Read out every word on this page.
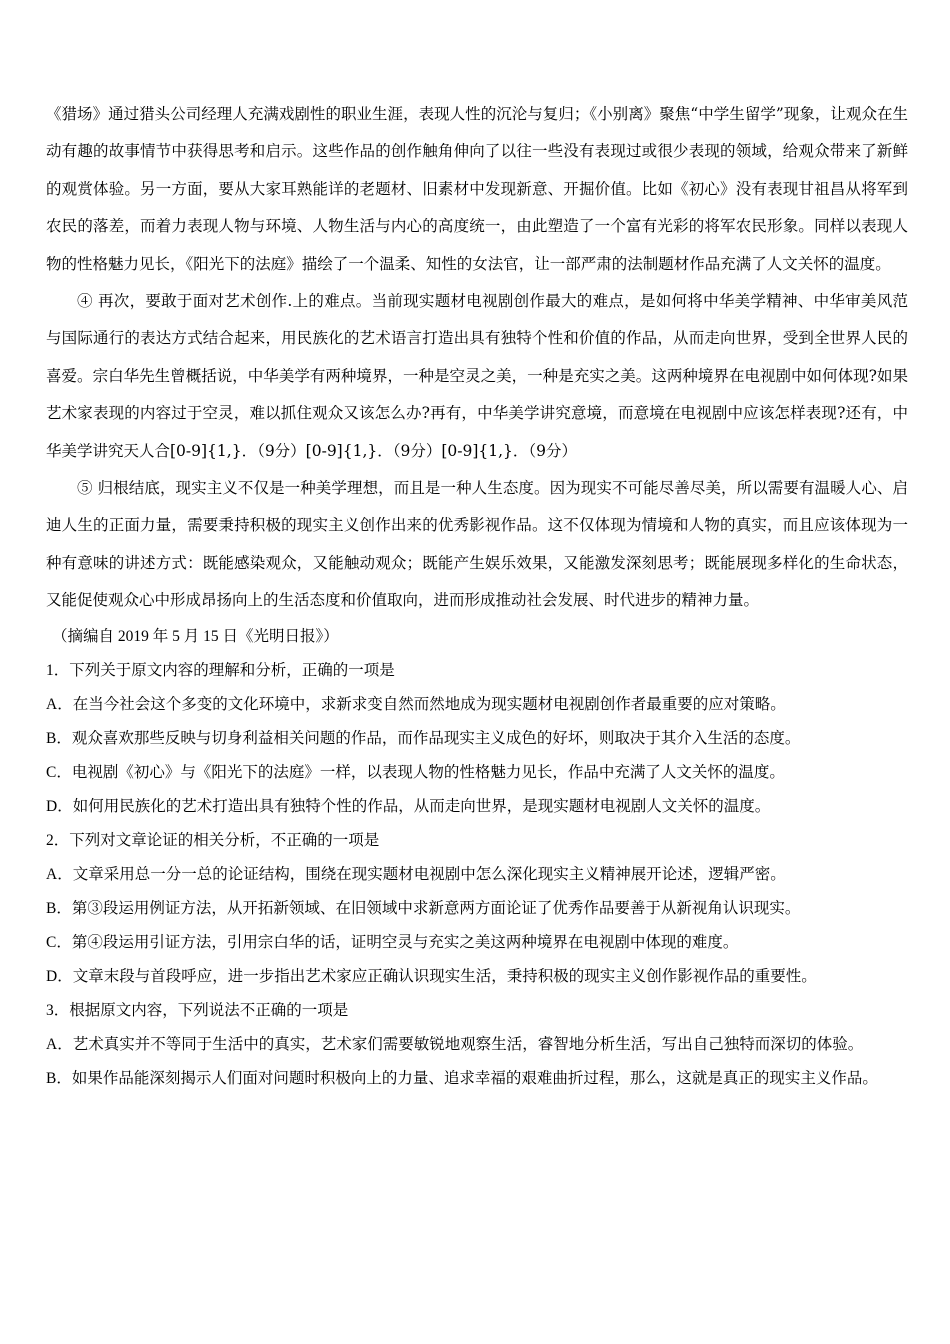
《猎场》通过猎头公司经理人充满戏剧性的职业生涯，表现人性的沉沦与复归；《小别离》聚焦“中学生留学”现象，让观众在生动有趣的故事情节中获得思考和启示。这些作品的创作触角伸向了以往一些没有表现过或很少表现的领域，给观众带来了新鲜的观赏体验。另一方面，要从大家耳熟能详的老题材、旧素材中发现新意、开掘价值。比如《初心》没有表现甘祖昌从将军到农民的落差，而着力表现人物与环境、人物生活与内心的高度统一，由此塑造了一个富有光彩的将军农民形象。同样以表现人物的性格魅力见长，《阳光下的法庭》描绘了一个温柔、知性的女法官，让一部严肃的法制题材作品充满了人文关怀的温度。

④ 再次，要敢于面对艺术创作.上的难点。当前现实题材电视剧创作最大的难点，是如何将中华美学精神、中华审美风范与国际通行的表达方式结合起来，用民族化的艺术语言打造出具有独特个性和价值的作品，从而走向世界，受到全世界人民的喜爱。宗白华先生曾概括说，中华美学有两种境界，一种是空灵之美，一种是充实之美。这两种境界在电视剧中如何体现?如果艺术家表现的内容过于空灵，难以抓住观众又该怎么办?再有，中华美学讲究意境，而意境在电视剧中应该怎样表现?还有，中华美学讲究天人合[0-9]{1,}．（9分）[0-9]{1,}．（9分）[0-9]{1,}．（9分）

⑤ 归根结底，现实主义不仅是一种美学理想，而且是一种人生态度。因为现实不可能尽善尽美，所以需要有温暖人心、启迪人生的正面力量，需要秉持积极的现实主义创作出来的优秀影视作品。这不仅体现为情境和人物的真实，而且应该体现为一种有意味的讲述方式：既能感染观众，又能触动观众；既能产生娱乐效果，又能激发深刻思考；既能展现多样化的生命状态，又能促使观众心中形成昂扬向上的生活态度和价值取向，进而形成推动社会发展、时代进步的精神力量。

（摘编自 2019 年 5 月 15 日《光明日报》）

1．下列关于原文内容的理解和分析，正确的一项是

A．在当今社会这个多变的文化环境中，求新求变自然而然地成为现实题材电视剧创作者最重要的应对策略。

B．观众喜欢那些反映与切身利益相关问题的作品，而作品现实主义成色的好坏，则取决于其介入生活的态度。

C．电视剧《初心》与《阳光下的法庭》一样，以表现人物的性格魅力见长，作品中充满了人文关怀的温度。

D．如何用民族化的艺术打造出具有独特个性的作品，从而走向世界，是现实题材电视剧人文关怀的温度。

2．下列对文章论证的相关分析，不正确的一项是

A．文章采用总一分一总的论证结构，围绕在现实题材电视剧中怎么深化现实主义精神展开论述，逻辑严密。

B．第③段运用例证方法，从开拓新领域、在旧领域中求新意两方面论证了优秀作品要善于从新视角认识现实。

C．第④段运用引证方法，引用宗白华的话，证明空灵与充实之美这两种境界在电视剧中体现的难度。

D．文章末段与首段呼应，进一步指出艺术家应正确认识现实生活，秉持积极的现实主义创作影视作品的重要性。

3．根据原文内容，下列说法不正确的一项是

A．艺术真实并不等同于生活中的真实，艺术家们需要敏锐地观察生活，睿智地分析生活，写出自己独特而深切的体验。

B．如果作品能深刻揭示人们面对问题时积极向上的力量、追求幸福的艰难曲折过程，那么，这就是真正的现实主义作品。
